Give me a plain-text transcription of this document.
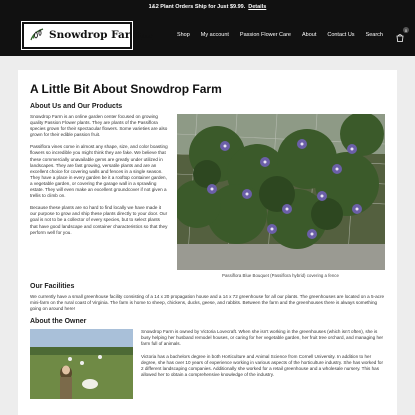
1&2 Plant Orders Ship for Just $9.99. Details
Snowdrop FarmLLC	Shop My account Passion Flower Care About Contact Us Search
0
A Little Bit About Snowdrop Farm
About Us and Our Products

Snowdrop Farm is an online garden center focused on growing quality Passion Flower plants. They are plants of the Passiflora species grown for their spectacular flowers. Some varieties are also grown for their edible passion fruit.

Passiflora vines come in almost any shape, size, and color boasting flowers so incredible you might think they are fake. We believe that these commercially unavailable gems are greatly under utilized in landscapes. They are fast growing, versatile plants and are an excellent choice for covering walls and fences in a single season. They have a place in every garden be it a rooftop container garden, a vegetable garden, or covering the garage wall in a sprawling estate. They will even make an excellent groundcover if not given a trellis to climb on.

Because these plants are so hard to find locally we have made it our purpose to grow and ship these plants directly to your door. Our goal is not to be a collector of every species, but to select plants that have good landscape and container characteristics so that they perform well for you.

Passiflora Blue Bouquet (Passiflora hybrid) covering a fence
Our Facilities

We currently have a small greenhouse facility consisting of a 14 x 20 propagation house and a 14 x 72 greenhouse for all our plants. The greenhouses are located on a 5-acre mini-farm on the rural coast of Virginia. The farm is home to sheep, chickens, ducks, geese, and rabbits. Between the farm and the greenhouses there is always something going on around here!

About the Owner

Snowdrop Farm is owned by Victoria Lovecraft. When she isn't working in the greenhouses (which isn't often), she is busy helping her husband remodel houses, or caring for her vegetable garden, her fruit tree orchard, and managing her farm full of animals.

Victoria has a bachelors degree in both Horticulture and Animal Science from Cornell University. In addition to her degree, she has over 10 years of experience working in various aspects of the horticulture industry. She has worked for 2 different landscaping companies. Additionally she worked for a retail greenhouse and a wholesale nursery. This has allowed her to obtain a comprehensive knowledge of the industry.
